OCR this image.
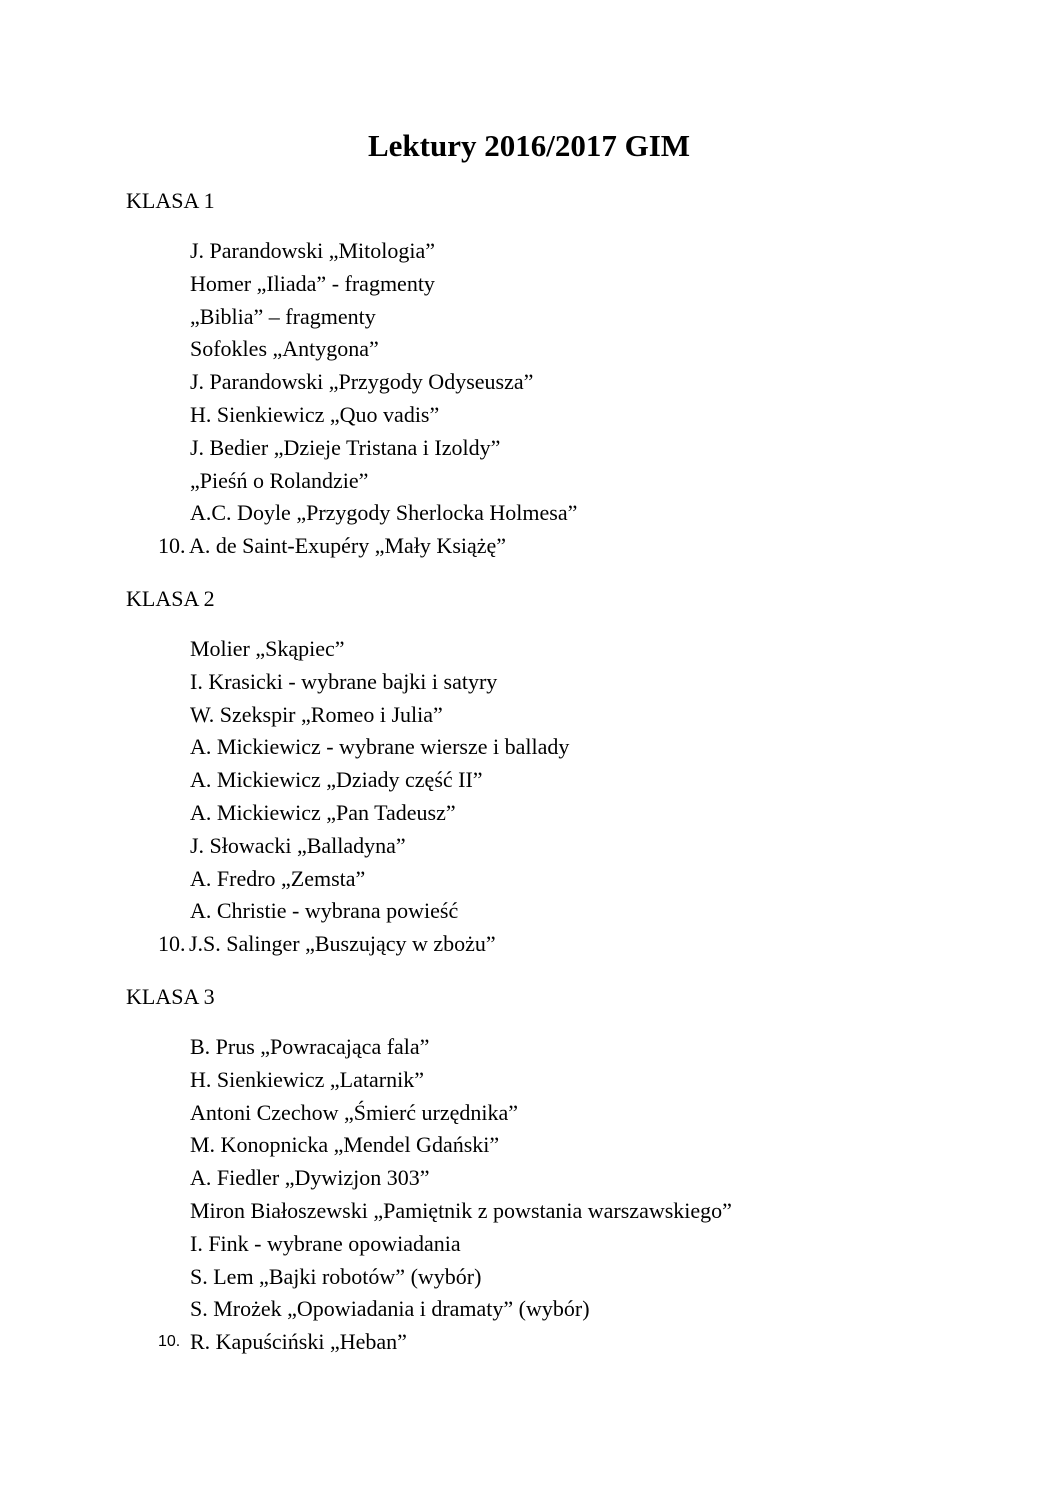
Lektury 2016/2017 GIM
KLASA 1
J. Parandowski „Mitologia”
Homer „Iliada” - fragmenty
„Biblia” – fragmenty
Sofokles „Antygona”
J. Parandowski „Przygody Odyseusza”
H. Sienkiewicz „Quo vadis”
J. Bedier „Dzieje Tristana i Izoldy”
„Pieśń o Rolandzie”
A.C. Doyle „Przygody Sherlocka Holmesa”
10. A. de Saint-Exupéry „Mały Książę”
KLASA 2
Molier „Skąpiec”
I. Krasicki - wybrane bajki i satyry
W. Szekspir „Romeo i Julia”
A. Mickiewicz - wybrane wiersze i ballady
A. Mickiewicz „Dziady część II”
A. Mickiewicz „Pan Tadeusz”
J. Słowacki „Balladyna”
A. Fredro „Zemsta”
A. Christie - wybrana powieść
10. J.S. Salinger „Buszujący w zbożu”
KLASA 3
B. Prus „Powracająca fala”
H. Sienkiewicz „Latarnik”
Antoni Czechow „Śmierć urzędnika”
M. Konopnicka „Mendel Gdański”
A. Fiedler „Dywizjon 303”
Miron Białoszewski „Pamiętnik z powstania warszawskiego”
I. Fink - wybrane opowiadania
S. Lem „Bajki robotów” (wybór)
S. Mrożek „Opowiadania i dramaty” (wybór)
10. R. Kapuściński „Heban”
